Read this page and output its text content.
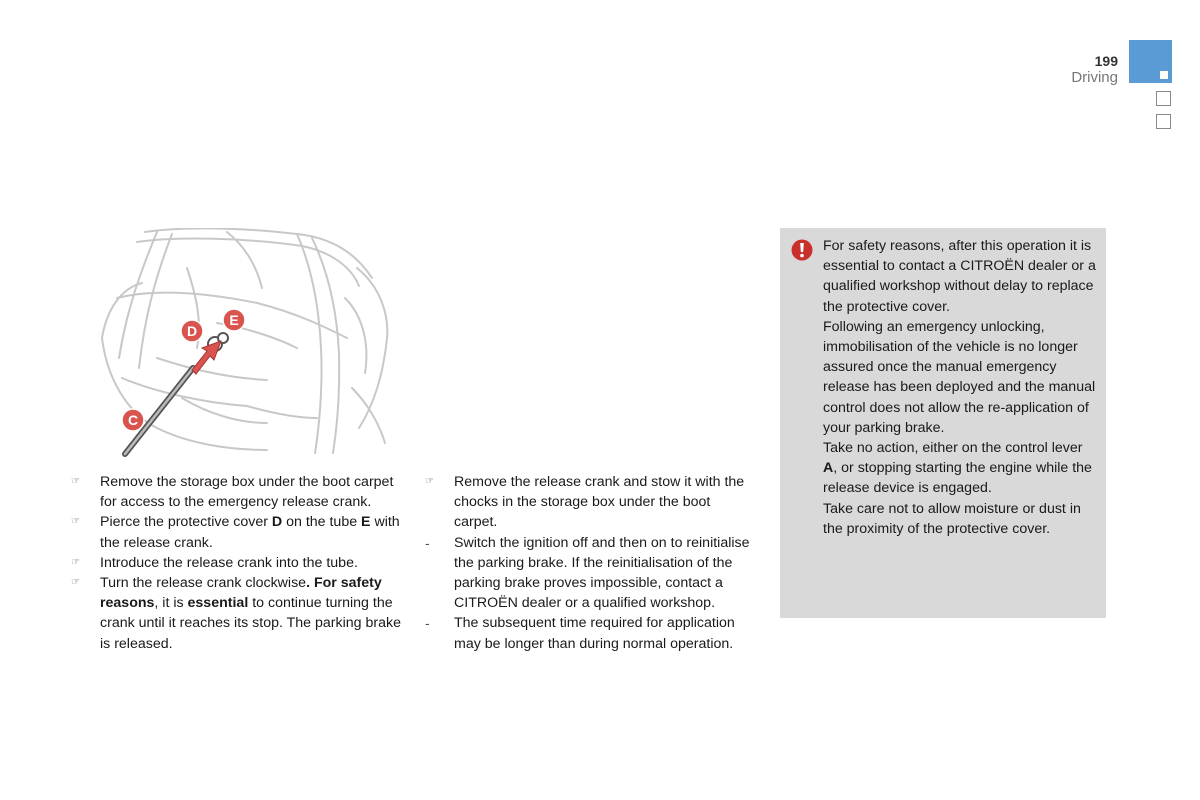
199
Driving
D
E
C
☞	Remove the storage box under the boot carpet for access to the emergency release crank.
☞	Pierce the protective cover D on the tube E with the release crank.
☞	Introduce the release crank into the tube.
☞	Turn the release crank clockwise. For safety reasons, it is essential to continue turning the crank until it reaches its stop. The parking brake is released.
☞	Remove the release crank and stow it with the chocks in the storage box under the boot carpet.
-	Switch the ignition off and then on to reinitialise the parking brake. If the reinitialisation of the parking brake proves impossible, contact a CITROËN dealer or a qualified workshop.
-	The subsequent time required for application may be longer than during normal operation.

For safety reasons, after this operation it is essential to contact a CITROËN dealer or a qualified workshop without delay to replace the protective cover.

Following an emergency unlocking, immobilisation of the vehicle is no longer assured once the manual emergency release has been deployed and the manual control does not allow the re-application of your parking brake.

Take no action, either on the control lever A, or stopping starting the engine while the release device is engaged.

Take care not to allow moisture or dust in the proximity of the protective cover.
